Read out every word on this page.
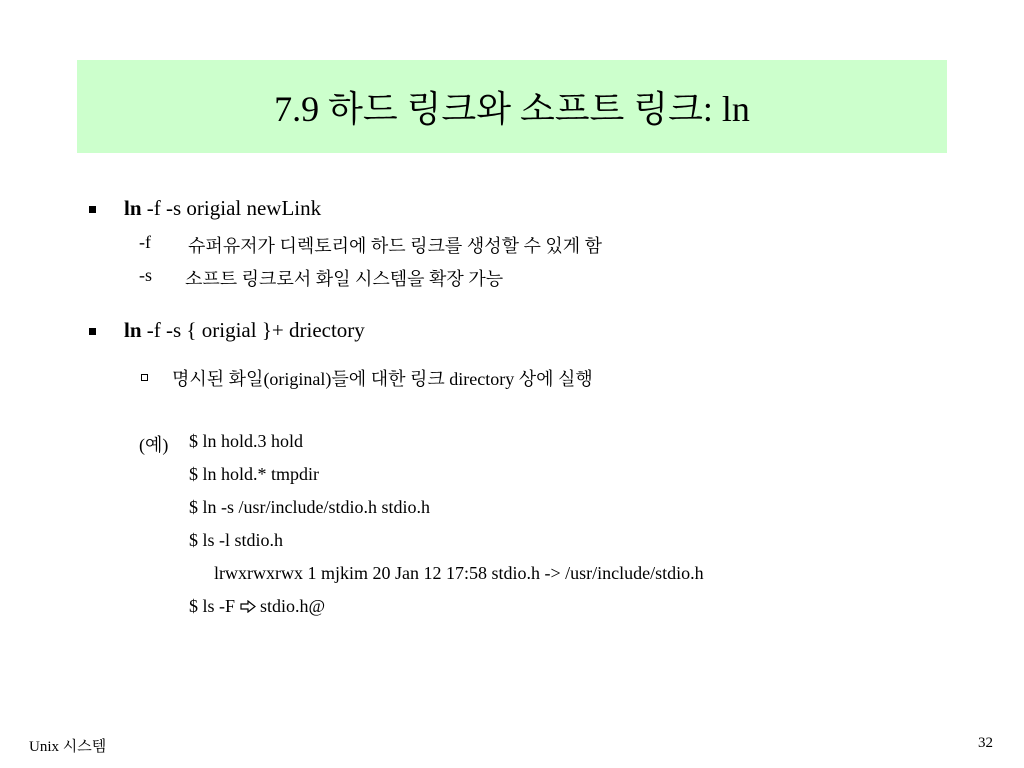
7.9 하드 링크와 소프트 링크: ln
ln -f -s origial newLink
-f 슈퍼유저가 디렉토리에 하드 링크를 생성할 수 있게 함
-s 소프트 링크로서 화일 시스템을 확장 가능
ln -f -s { origial }+ driectory
명시된 화일(original)들에 대한 링크 directory 상에 실행
(예) $ ln hold.3 hold
$ ln hold.* tmpdir
$ ln -s /usr/include/stdio.h stdio.h
$ ls -l stdio.h
lrwxrwxrwx 1 mjkim 20 Jan 12 17:58 stdio.h -> /usr/include/stdio.h
$ ls -F stdio.h@
Unix 시스템	32
